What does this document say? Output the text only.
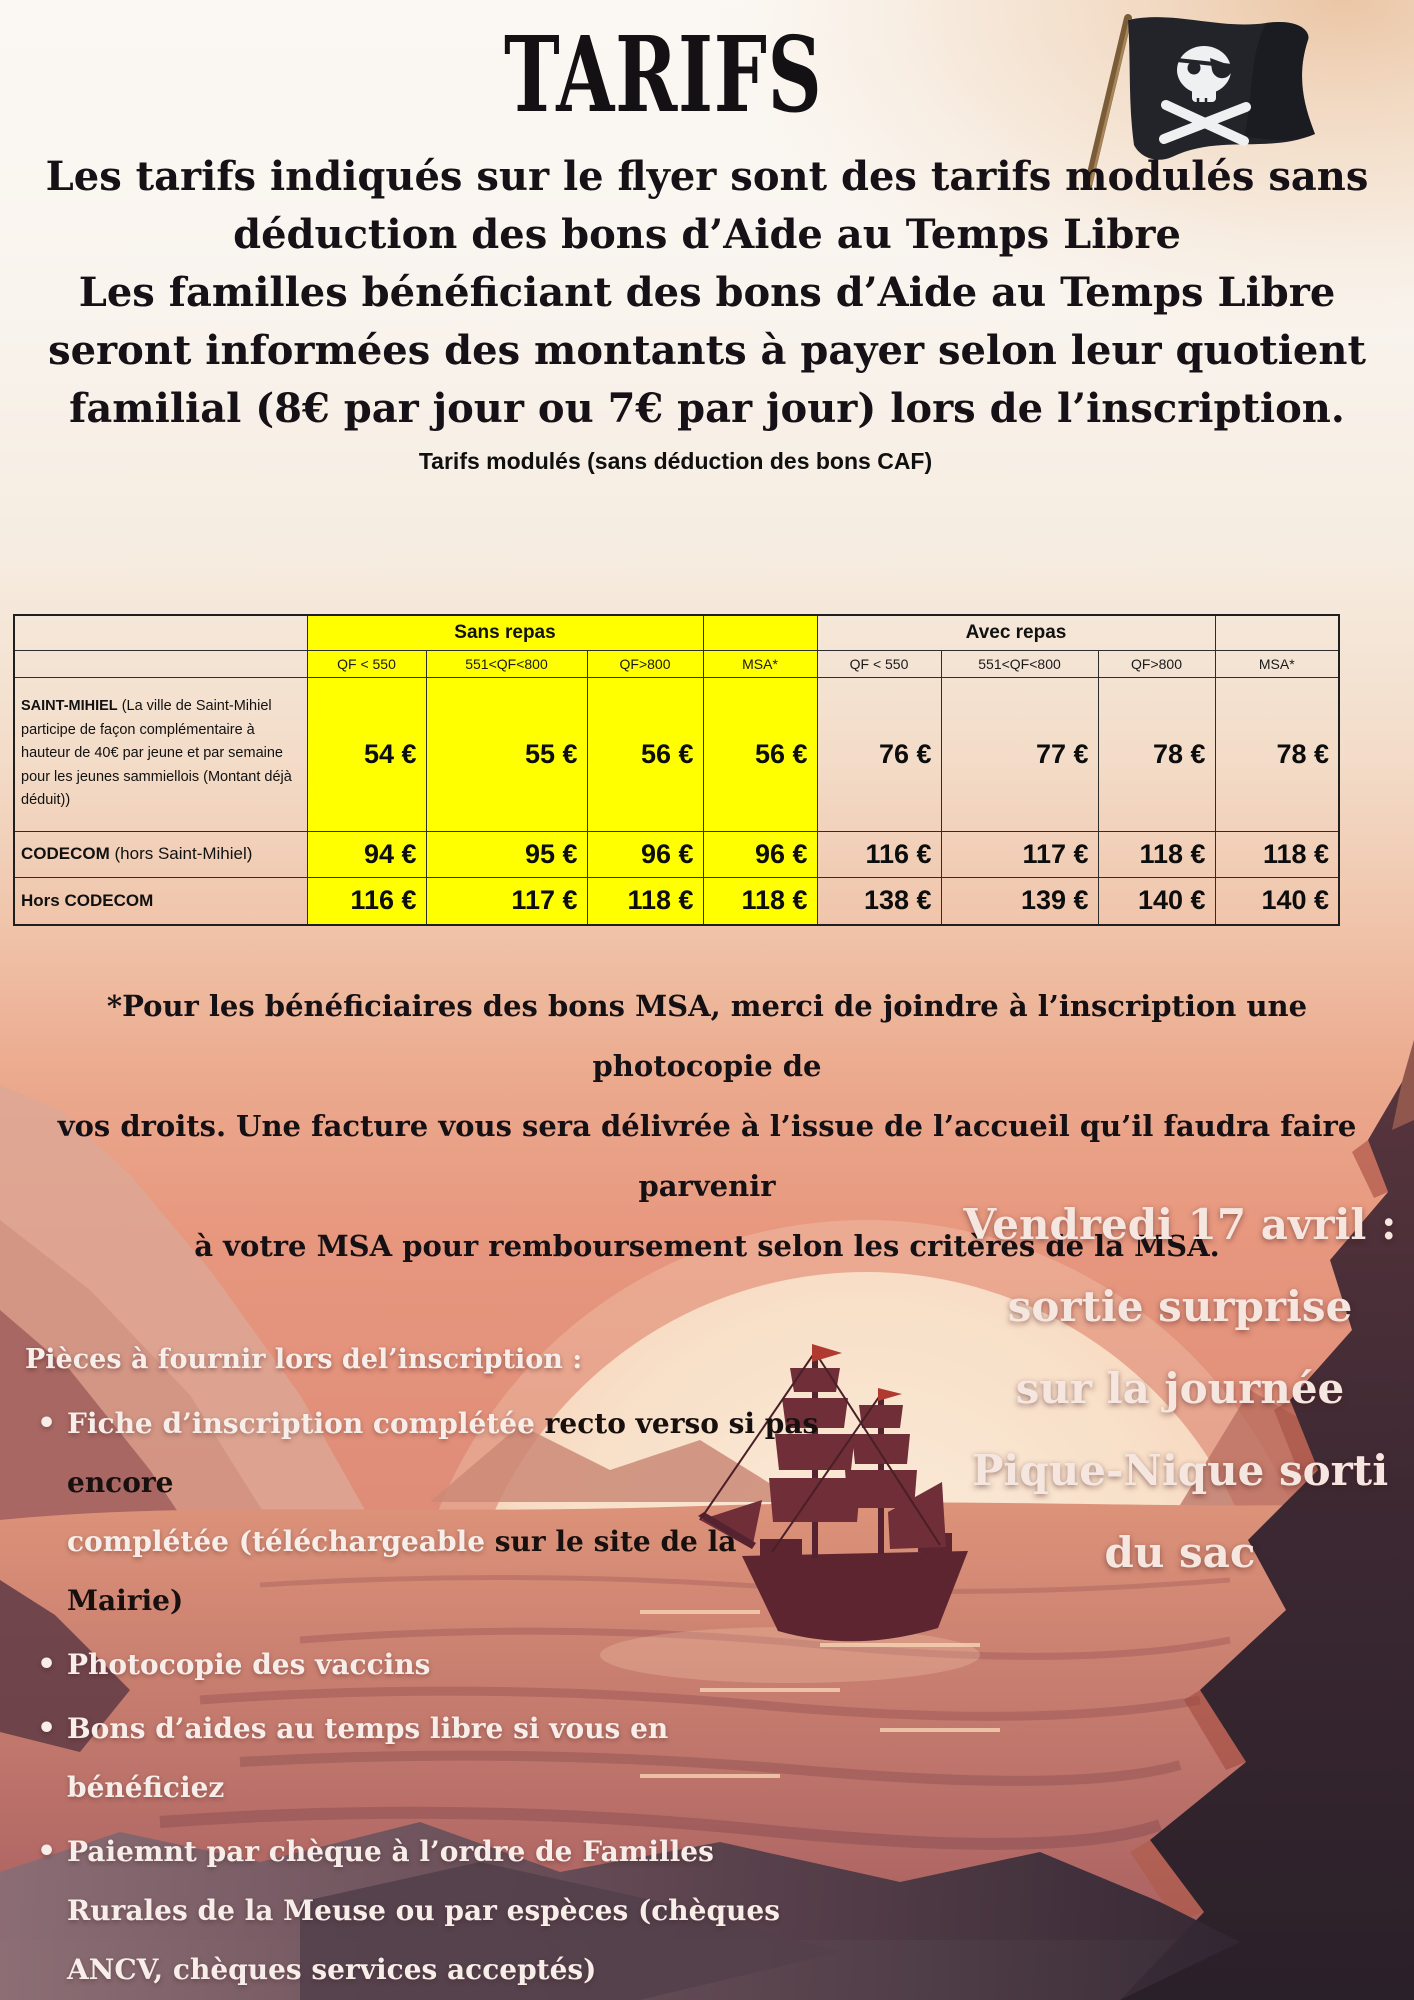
TARIFS
Les tarifs indiqués sur le flyer sont des tarifs modulés sans
déduction des bons d’Aide au Temps Libre
Les familles bénéficiant des bons d’Aide au Temps Libre
seront informées des montants à payer selon leur quotient
familial (8€ par jour ou 7€ par jour) lors de l’inscription.
Tarifs modulés (sans déduction des bons CAF)
	Sans repas				Avec repas			
	QF < 550	551<QF<800	QF>800	MSA*	QF < 550	551<QF<800	QF>800	MSA*
SAINT-MIHIEL (La ville de Saint-Mihiel participe de façon complémentaire à hauteur de 40€ par jeune et par semaine pour les jeunes sammiellois (Montant déjà déduit))	54 €	55 €	56 €	56 €	76 €	77 €	78 €	78 €
CODECOM (hors Saint-Mihiel)	94 €	95 €	96 €	96 €	116 €	117 €	118 €	118 €
Hors CODECOM	116 €	117 €	118 €	118 €	138 €	139 €	140 €	140 €
*Pour les bénéficiaires des bons MSA, merci de joindre à l’inscription une photocopie de
vos droits. Une facture vous sera délivrée à l’issue de l’accueil qu’il faudra faire parvenir
à votre MSA pour remboursement selon les critères de la MSA.
Pièces à fournir lors del’inscription :
• Fiche d’inscription complétée recto verso si pas encore
complétée (téléchargeable sur le site de la Mairie)
• Photocopie des vaccins
• Bons d’aides au temps libre si vous en bénéficiez
• Paiemnt par chèque à l’ordre de Familles Rurales de la Meuse ou par espèces (chèques ANCV, chèques services acceptés)
Vendredi 17 avril :
sortie surprise
sur la journée
Pique-Nique sorti
du sac
